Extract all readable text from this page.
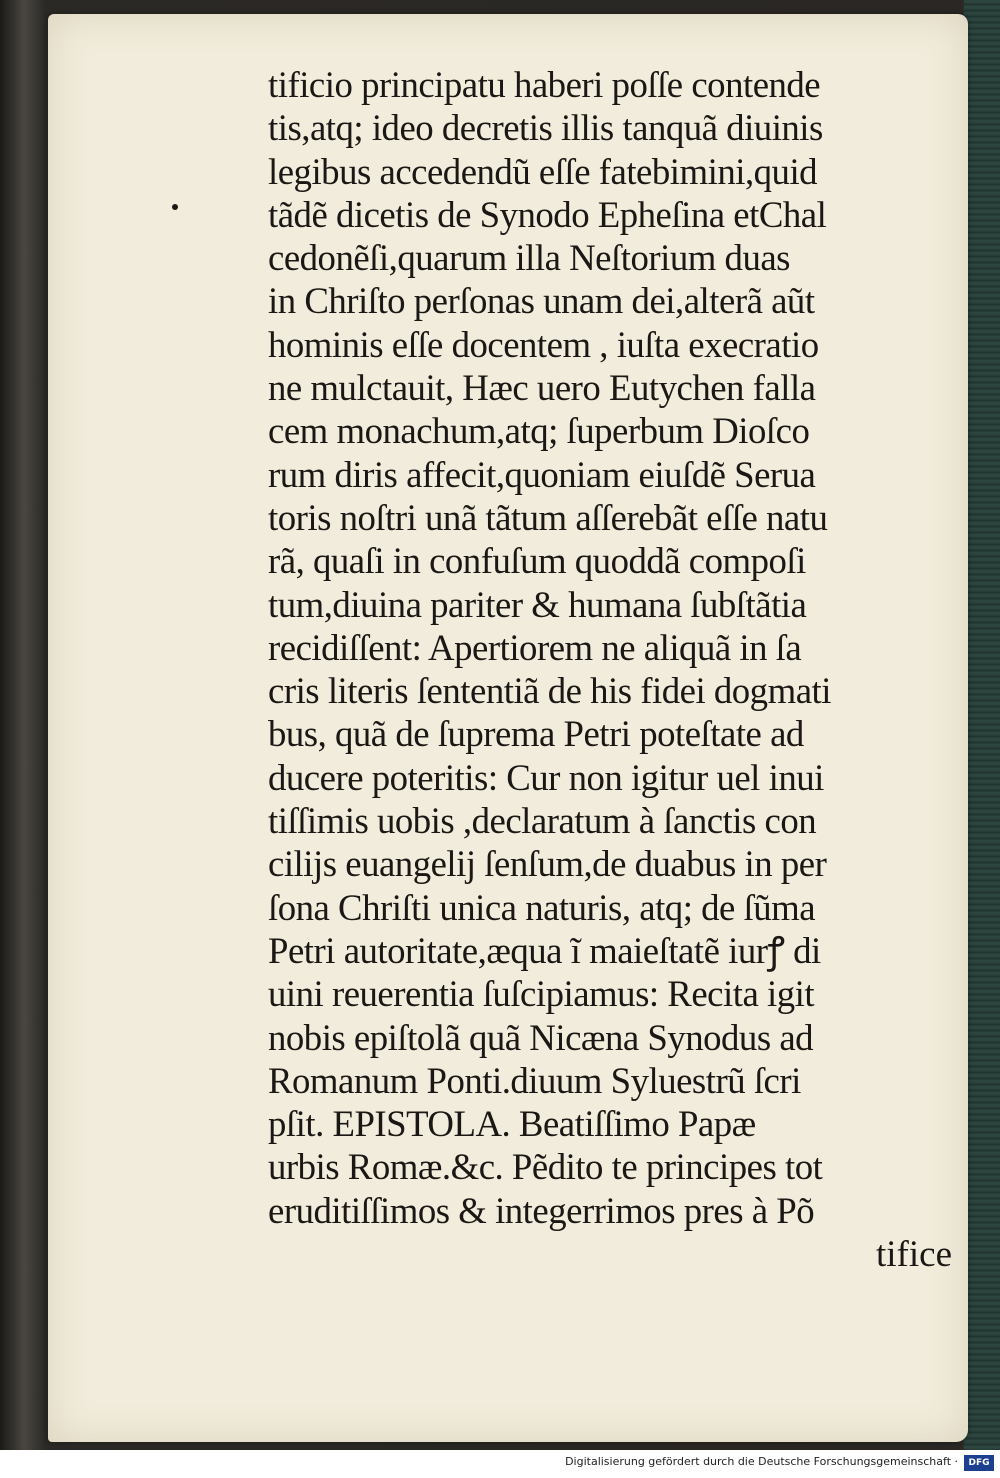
tificio principatu haberi poſſe contende tis,atq; ideo decretis illis tanquã diuinis legibus accedendũ eſſe fatebimini,quid tãdẽ dicetis de Synodo Epheſina etChal cedonẽſi,quarum illa Neſtorium duas in Chriſto perſonas unam dei,alterã aũt hominis eſſe docentem , iuſta execratio ne mulctauit, Hæc uero Eutychen falla cem monachum,atq; ſuperbum Dioſco rum diris affecit,quoniam eiuſdẽ Serua toris noſtri unã tãtum aſſerebãt eſſe natu rã, quaſi in confuſum quoddã compoſi tum,diuina pariter & humana ſubſtãtia recidiſſent: Apertiorem ne aliquã in ſa cris literis ſententiã de his fidei dogmati bus, quã de ſuprema Petri poteſtate ad ducere poteritis: Cur non igitur uel inui tiſſimis uobis ,declaratum à ſanctis con cilijs euangelij ſenſum,de duabus in per ſona Chriſti unica naturis, atq; de ſũma Petri autoritate,æqua ĩ maieſtatẽ iurꝭ di uini reuerentia ſuſcipiamus: Recita igit nobis epiſtolã quã Nicæna Synodus ad Romanum Ponti.diuum Syluestrũ ſcri pſit. EPISTOLA. Beatiſſimo Papæ urbis Romæ.&c. Pẽdito te principes tot eruditiſſimos & integerrimos pres à Põ
tifice
Digitalisierung gefördert durch die Deutsche Forschungsgemeinschaft ·	DFG
